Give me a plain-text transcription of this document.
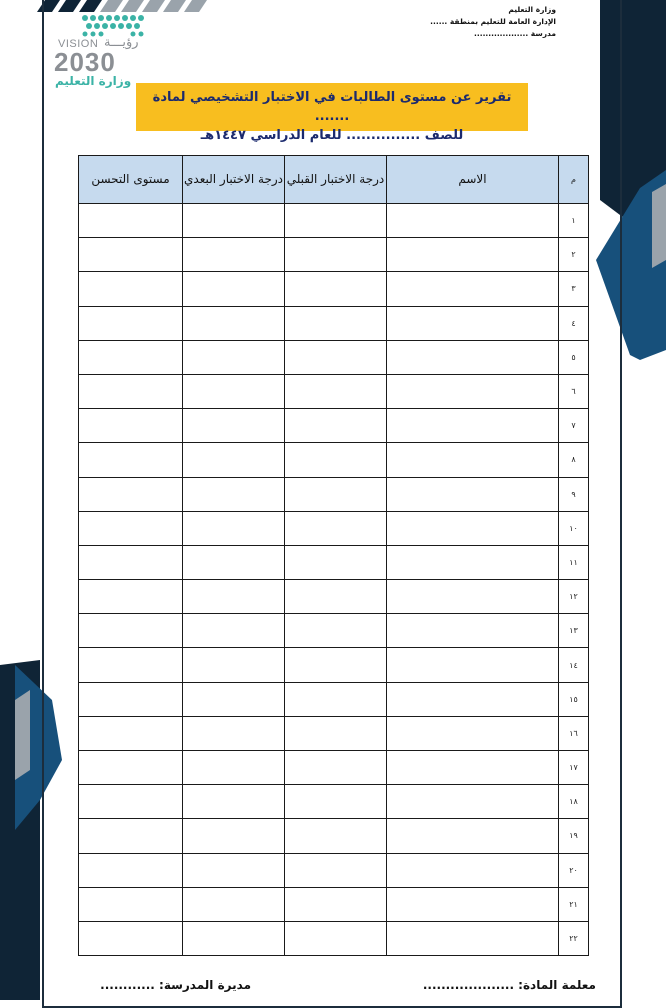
وزارة التعليم
الإدارة العامة للتعليم بمنطقة ......
مدرسة ...................
VISION رؤيـــة
2030
وزارة التعليم
تقرير عن مستوى الطالبات في الاختبار التشخيصي لمادة .......
للصف ............... للعام الدراسي ١٤٤٧هـ
م	الاسم	درجة الاختبار القبلي	درجة الاختبار البعدي	مستوى التحسن
١				
٢				
٣				
٤				
٥				
٦				
٧				
٨				
٩				
١٠				
١١				
١٢				
١٣				
١٤				
١٥				
١٦				
١٧				
١٨				
١٩				
٢٠				
٢١				
٢٢				
معلمة المادة: ....................
مديرة المدرسة: ............
